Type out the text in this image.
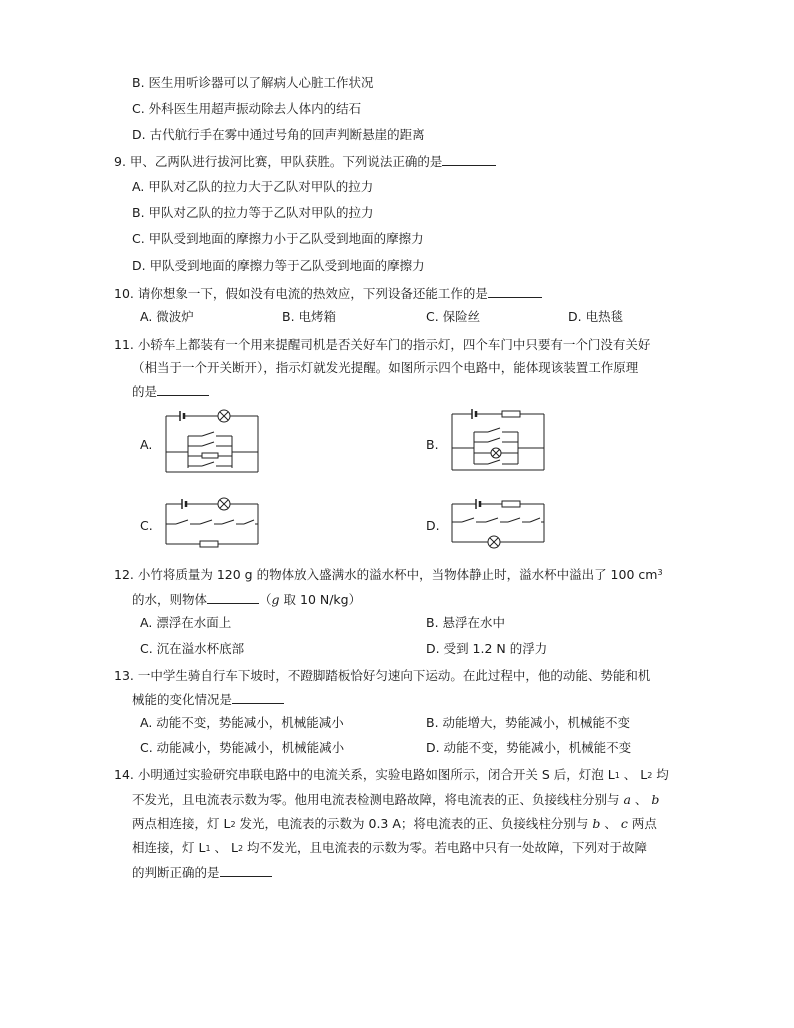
B. 医生用听诊器可以了解病人心脏工作状况
C. 外科医生用超声振动除去人体内的结石
D. 古代航行手在雾中通过号角的回声判断悬崖的距离
9. 甲、乙两队进行拔河比赛，甲队获胜。下列说法正确的是
A. 甲队对乙队的拉力大于乙队对甲队的拉力
B. 甲队对乙队的拉力等于乙队对甲队的拉力
C. 甲队受到地面的摩擦力小于乙队受到地面的摩擦力
D. 甲队受到地面的摩擦力等于乙队受到地面的摩擦力
10. 请你想象一下，假如没有电流的热效应，下列设备还能工作的是
A. 微波炉	B. 电烤箱	C. 保险丝	D. 电热毯
11. 小轿车上都装有一个用来提醒司机是否关好车门的指示灯，四个车门中只要有一个门没有关好
（相当于一个开关断开），指示灯就发光提醒。如图所示四个电路中，能体现该装置工作原理
的是
A.	B.
C.	D.
12. 小竹将质量为 120 g 的物体放入盛满水的溢水杯中，当物体静止时，溢水杯中溢出了 100 $cm^3$
的水，则物体	（g 取 10 N/kg）
A. 漂浮在水面上	B. 悬浮在水中
C. 沉在溢水杯底部	D. 受到 1.2 N 的浮力
13. 一中学生骑自行车下坡时，不蹬脚踏板恰好匀速向下运动。在此过程中，他的动能、势能和机
械能的变化情况是
A. 动能不变，势能减小，机械能减小	B. 动能增大，势能减小，机械能不变
C. 动能减小，势能减小，机械能减小	D. 动能不变，势能减小，机械能不变
14. 小明通过实验研究串联电路中的电流关系，实验电路如图所示，闭合开关 S 后，灯泡 $L_1$ 、 $L_2$ 均
不发光，且电流表示数为零。他用电流表检测电路故障，将电流表的正、负接线柱分别与 a 、 b
两点相连接，灯 $L_2$ 发光，电流表的示数为 0.3 A；将电流表的正、负接线柱分别与 b 、 c 两点
相连接，灯 $L_1$ 、 $L_2$ 均不发光，且电流表的示数为零。若电路中只有一处故障，下列对于故障
的判断正确的是
